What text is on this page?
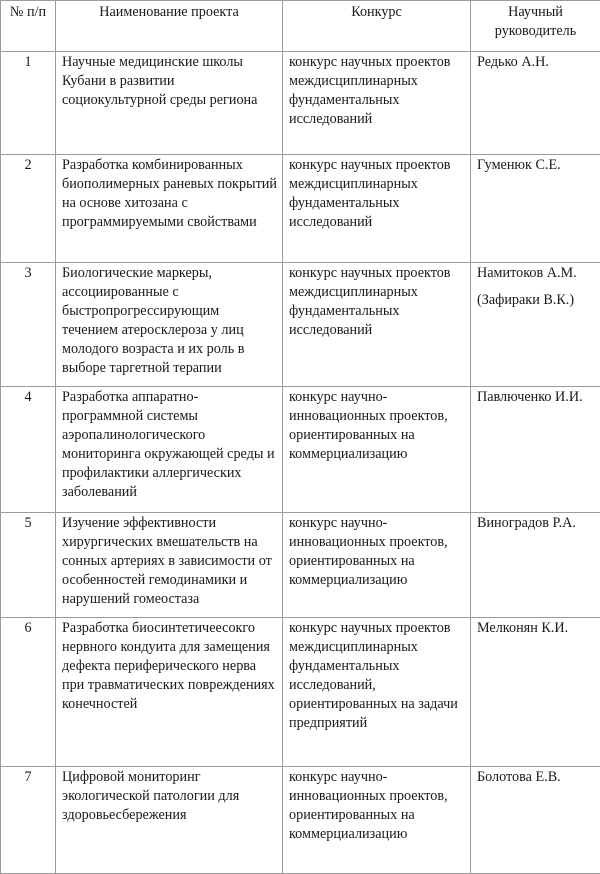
№ п/п	Наименование проекта	Конкурс	Научный
руководитель

1	Научные медицинские школы Кубани в развитии социокультурной среды региона	конкурс научных проектов междисциплинарных фундаментальных исследований	Редько А.Н.

2	Разработка комбинированных биополимерных раневых покрытий на основе хитозана с программируемыми свойствами	конкурс научных проектов междисциплинарных фундаментальных исследований	Гуменюк С.Е.

3	Биологические маркеры, ассоциированные с быстропрогрессирующим течением атеросклероза у лиц молодого возраста и их роль в выборе таргетной терапии	конкурс научных проектов междисциплинарных фундаментальных исследований	Намитоков А.М.
(Зафираки В.К.)

4	Разработка аппаратно-программной системы аэропалинологического мониторинга окружающей среды и профилактики аллергических заболеваний	конкурс научно-инновационных проектов, ориентированных на коммерциализацию	Павлюченко И.И.

5	Изучение эффективности хирургических вмешательств на сонных артериях в зависимости от особенностей гемодинамики и нарушений гомеостаза	конкурс научно-инновационных проектов, ориентированных на коммерциализацию	Виноградов Р.А.

6	Разработка биосинтетичеесокго нервного кондуита для замещения дефекта периферического нерва при травматических повреждениях конечностей	конкурс научных проектов междисциплинарных фундаментальных исследований, ориентированных на задачи предприятий	Мелконян К.И.

7	Цифровой мониторинг экологической патологии для здоровьесбережения	конкурс научно-инновационных проектов, ориентированных на коммерциализацию	Болотова Е.В.
